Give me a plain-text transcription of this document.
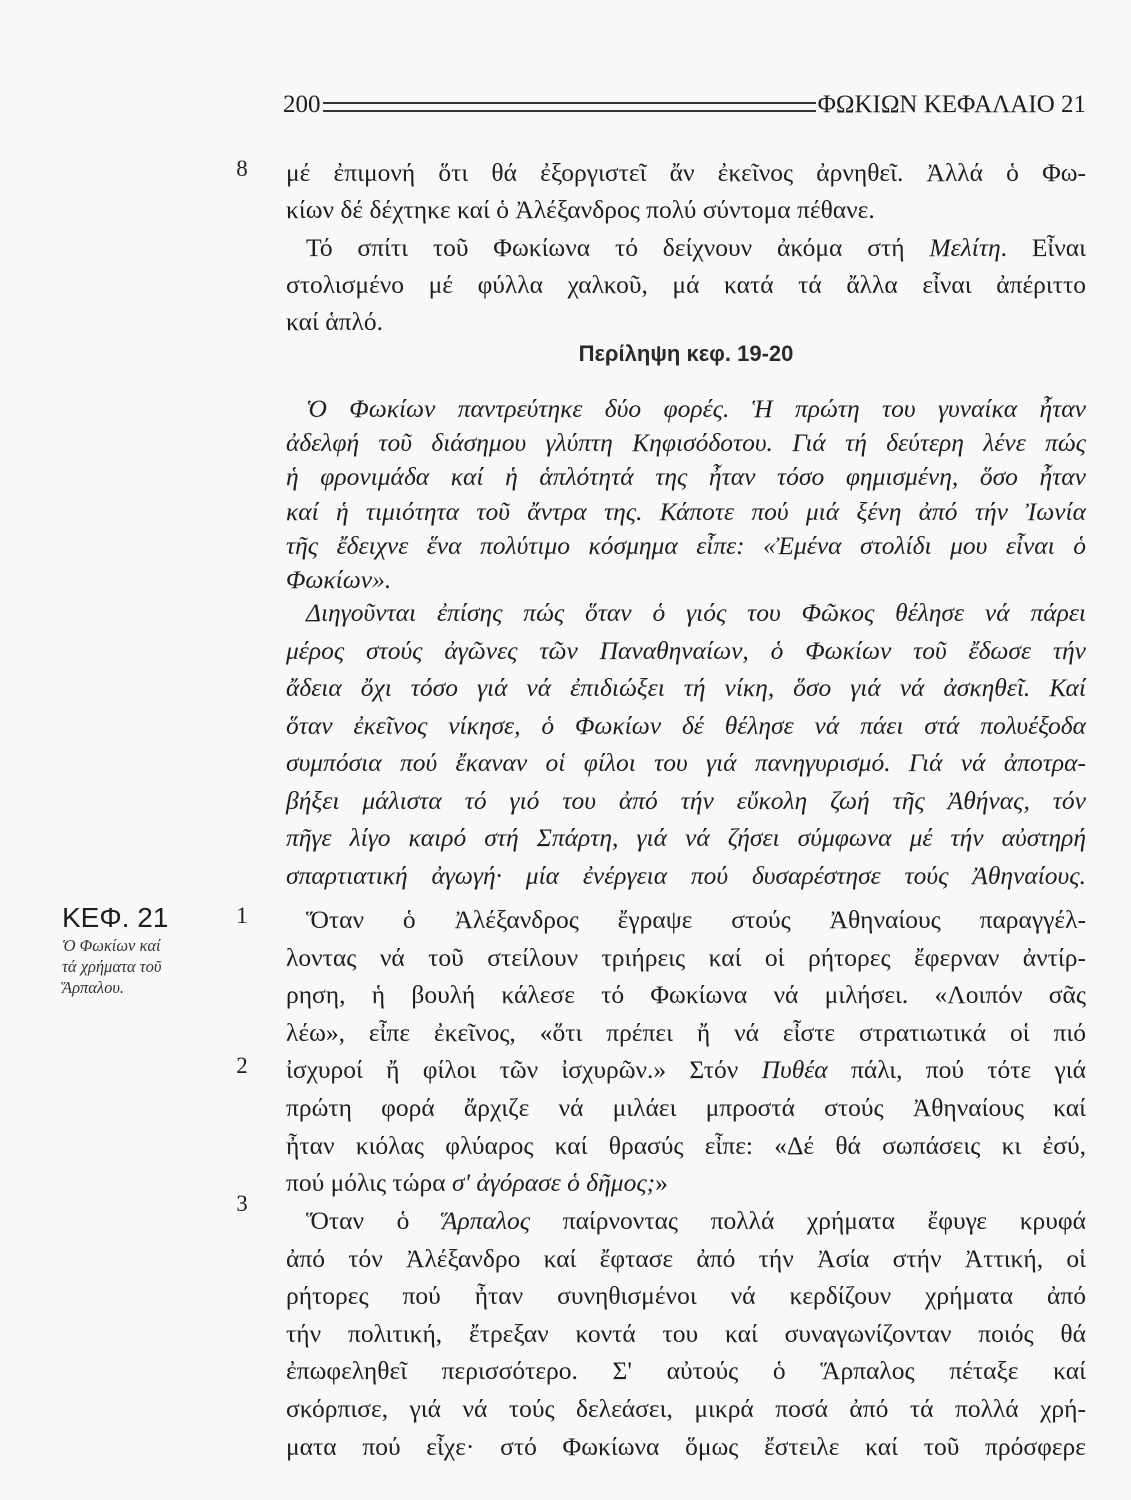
200	ΦΩΚΙΩΝ ΚΕΦΑΛΑΙΟ 21
8
1
2
3
μέ ἐπιμονή ὅτι θά ἐξοργιστεῖ ἄν ἐκεῖνος ἀρνηθεῖ. Ἀλλά ὁ Φω-
κίων δέ δέχτηκε καί ὁ Ἀλέξανδρος πολύ σύντομα πέθανε.
Τό σπίτι τοῦ Φωκίωνα τό δείχνουν ἀκόμα στή Μελίτη. Εἶναι
στολισμένο μέ φύλλα χαλκοῦ, μά κατά τά ἄλλα εἶναι ἀπέριττο
καί ἁπλό.
Περίληψη κεφ. 19-20
Ὁ Φωκίων παντρεύτηκε δύο φορές. Ἡ πρώτη του γυναίκα ἦταν
ἀδελφή τοῦ διάσημου γλύπτη Κηφισόδοτου. Γιά τή δεύτερη λένε πώς
ἡ φρονιμάδα καί ἡ ἁπλότητά της ἦταν τόσο φημισμένη, ὅσο ἦταν
καί ἡ τιμιότητα τοῦ ἄντρα της. Κάποτε πού μιά ξένη ἀπό τήν Ἰωνία
τῆς ἔδειχνε ἕνα πολύτιμο κόσμημα εἶπε: «Ἐμένα στολίδι μου εἶναι ὁ
Φωκίων».
Διηγοῦνται ἐπίσης πώς ὅταν ὁ γιός του Φῶκος θέλησε νά πάρει
μέρος στούς ἀγῶνες τῶν Παναθηναίων, ὁ Φωκίων τοῦ ἔδωσε τήν
ἄδεια ὄχι τόσο γιά νά ἐπιδιώξει τή νίκη, ὅσο γιά νά ἀσκηθεῖ. Καί
ὅταν ἐκεῖνος νίκησε, ὁ Φωκίων δέ θέλησε νά πάει στά πολυέξοδα
συμπόσια πού ἔκαναν οἱ φίλοι του γιά πανηγυρισμό. Γιά νά ἀποτρα-
βήξει μάλιστα τό γιό του ἀπό τήν εὔκολη ζωή τῆς Ἀθήνας, τόν
πῆγε λίγο καιρό στή Σπάρτη, γιά νά ζήσει σύμφωνα μέ τήν αὐστηρή
σπαρτιατική ἀγωγή· μία ἐνέργεια πού δυσαρέστησε τούς Ἀθηναίους.
ΚΕΦ. 21
Ὁ Φωκίων καί
τά χρήματα τοῦ
Ἅρπαλου.
Ὅταν ὁ Ἀλέξανδρος ἔγραψε στούς Ἀθηναίους παραγγέλ-
λοντας νά τοῦ στείλουν τριήρεις καί οἱ ρήτορες ἔφερναν ἀντίρ-
ρηση, ἡ βουλή κάλεσε τό Φωκίωνα νά μιλήσει. «Λοιπόν σᾶς
λέω», εἶπε ἐκεῖνος, «ὅτι πρέπει ἤ νά εἶστε στρατιωτικά οἱ πιό
ἰσχυροί ἤ φίλοι τῶν ἰσχυρῶν.» Στόν Πυθέα πάλι, πού τότε γιά
πρώτη φορά ἄρχιζε νά μιλάει μπροστά στούς Ἀθηναίους καί
ἦταν κιόλας φλύαρος καί θρασύς εἶπε: «Δέ θά σωπάσεις κι ἐσύ,
πού μόλις τώρα σ' ἀγόρασε ὁ δῆμος;»
Ὅταν ὁ Ἅρπαλος παίρνοντας πολλά χρήματα ἔφυγε κρυφά
ἀπό τόν Ἀλέξανδρο καί ἔφτασε ἀπό τήν Ἀσία στήν Ἀττική, οἱ
ρήτορες πού ἦταν συνηθισμένοι νά κερδίζουν χρήματα ἀπό
τήν πολιτική, ἔτρεξαν κοντά του καί συναγωνίζονταν ποιός θά
ἐπωφεληθεῖ περισσότερο. Σ' αὐτούς ὁ Ἅρπαλος πέταξε καί
σκόρπισε, γιά νά τούς δελεάσει, μικρά ποσά ἀπό τά πολλά χρή-
ματα πού εἶχε· στό Φωκίωνα ὅμως ἔστειλε καί τοῦ πρόσφερε
